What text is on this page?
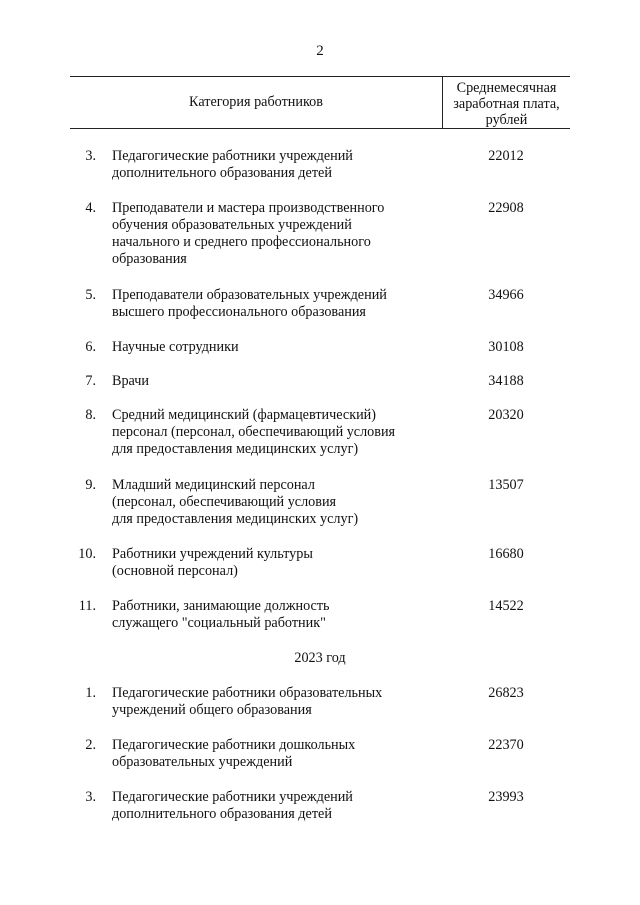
2
Категория работников
Среднемесячная
заработная плата,
рублей
3. Педагогические работники учреждений
дополнительного образования детей
22012
4. Преподаватели и мастера производственного
обучения образовательных учреждений
начального и среднего профессионального
образования
22908
5. Преподаватели образовательных учреждений
высшего профессионального образования
34966
6. Научные сотрудники	30108
7. Врачи	34188
8. Средний медицинский (фармацевтический)
персонал (персонал, обеспечивающий условия
для предоставления медицинских услуг)
20320
9. Младший медицинский персонал
(персонал, обеспечивающий условия
для предоставления медицинских услуг)
13507
10. Работники учреждений культуры
(основной персонал)
16680
11. Работники, занимающие должность
служащего "социальный работник"
14522
2023 год
1. Педагогические работники образовательных
учреждений общего образования
26823
2. Педагогические работники дошкольных
образовательных учреждений
22370
3. Педагогические работники учреждений
дополнительного образования детей
23993
